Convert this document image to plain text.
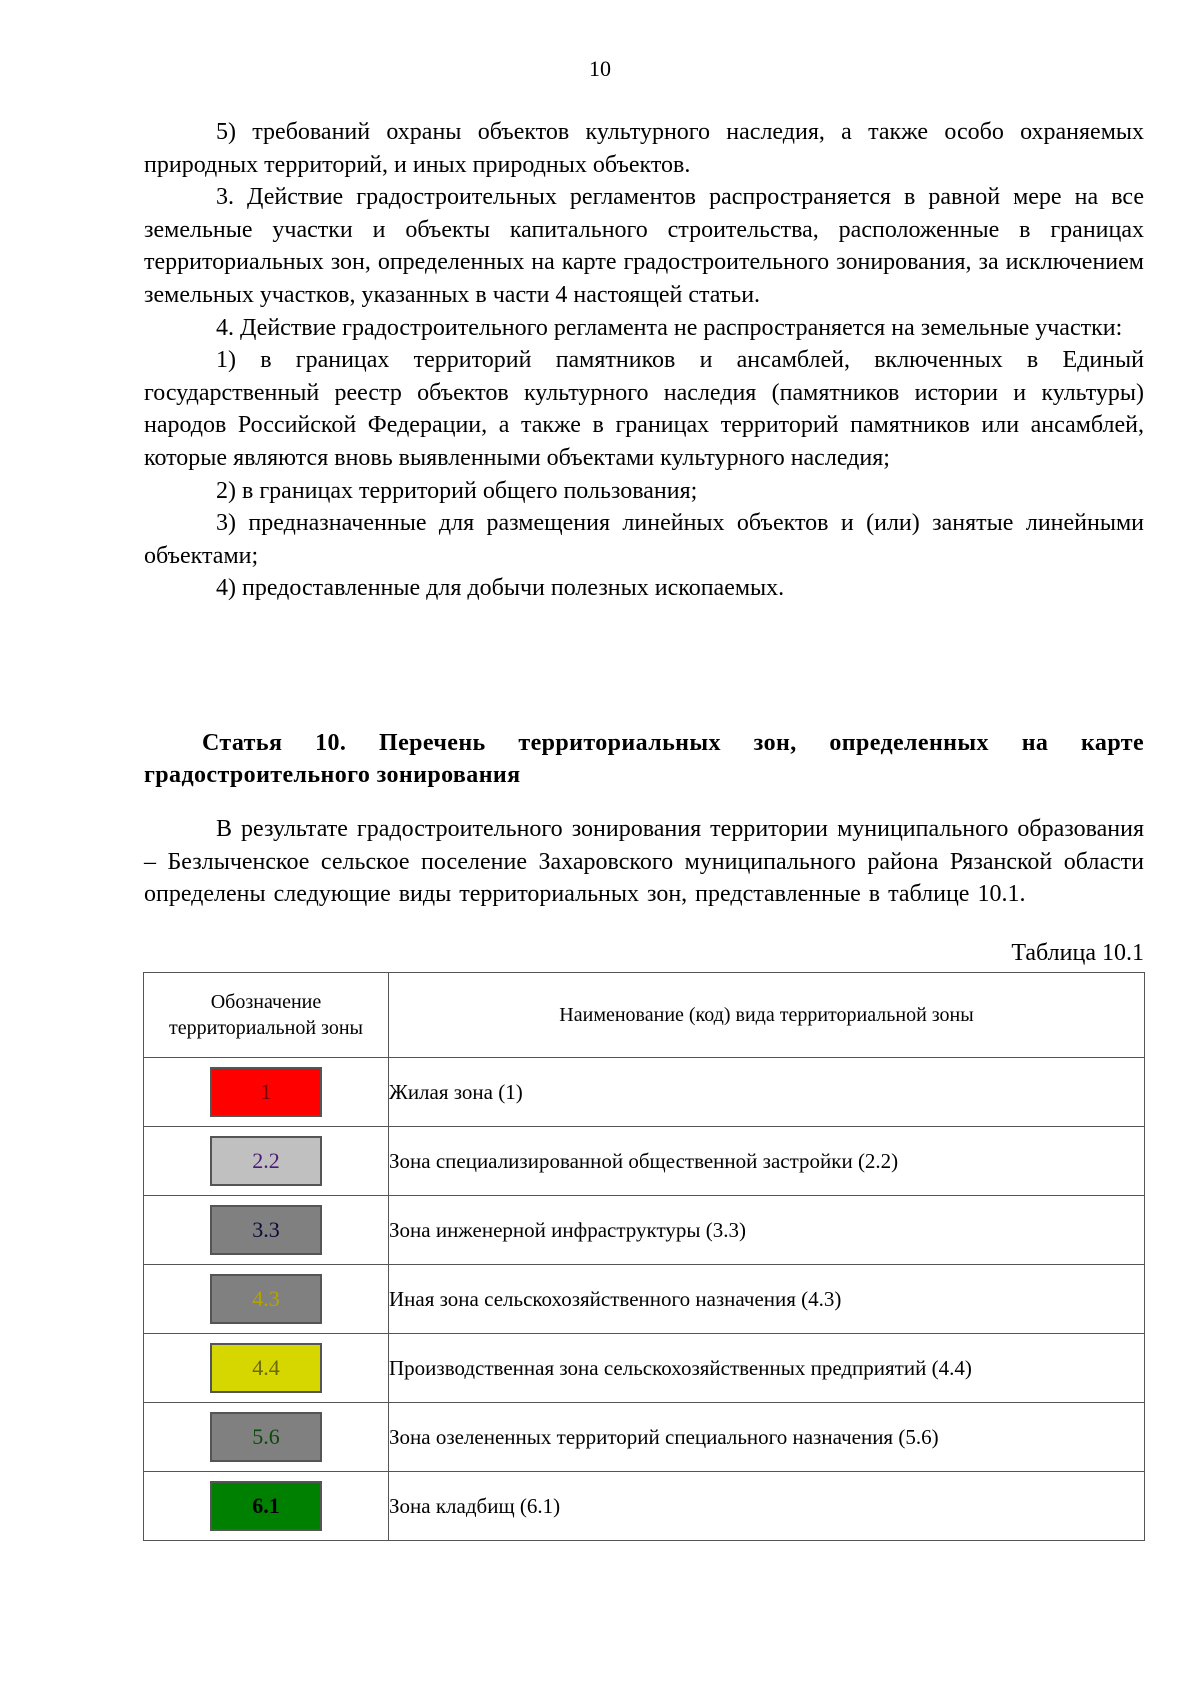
10

5) требований охраны объектов культурного наследия, а также особо охраняемых природных территорий, и иных природных объектов.

3. Действие градостроительных регламентов распространяется в равной мере на все земельные участки и объекты капитального строительства, расположенные в границах территориальных зон, определенных на карте градостроительного зонирования, за исключением земельных участков, указанных в части 4 настоящей статьи.

4. Действие градостроительного регламента не распространяется на земельные участки:

1) в границах территорий памятников и ансамблей, включенных в Единый государственный реестр объектов культурного наследия (памятников истории и культуры) народов Российской Федерации, а также в границах территорий памятников или ансамблей, которые являются вновь выявленными объектами культурного наследия;

2) в границах территорий общего пользования;

3) предназначенные для размещения линейных объектов и (или) занятые линейными объектами;

4) предоставленные для добычи полезных ископаемых.

Статья 10. Перечень территориальных зон, определенных на карте градостроительного зонирования

В результате градостроительного зонирования территории муниципального образования – Безлыченское сельское поселение Захаровского муниципального района Рязанской области определены следующие виды территориальных зон, представленные в таблице 10.1.

Таблица 10.1
Обозначение территориальной зоны	Наименование (код) вида территориальной зоны
1	Жилая зона (1)
2.2	Зона специализированной общественной застройки (2.2)
3.3	Зона инженерной инфраструктуры (3.3)
4.3	Иная зона сельскохозяйственного назначения (4.3)
4.4	Производственная зона сельскохозяйственных предприятий (4.4)
5.6	Зона озелененных территорий специального назначения (5.6)
6.1	Зона кладбищ (6.1)
